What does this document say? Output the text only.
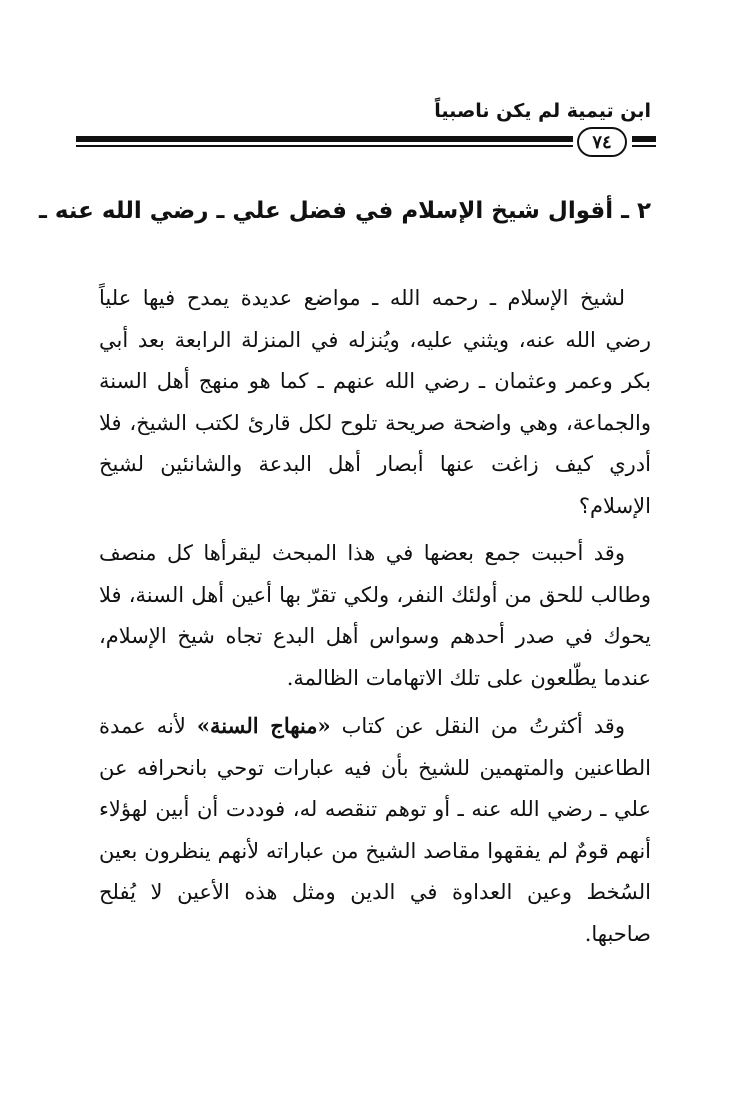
ابن تيمية لم يكن ناصبياً
٧٤
٢ ـ أقوال شيخ الإسلام في فضل علي ـ رضي الله عنه ـ

لشيخ الإسلام ـ رحمه الله ـ مواضع عديدة يمدح فيها علياً رضي الله عنه، ويثني عليه، ويُنزله في المنزلة الرابعة بعد أبي بكر وعمر وعثمان ـ رضي الله عنهم ـ كما هو منهج أهل السنة والجماعة، وهي واضحة صريحة تلوح لكل قارئ لكتب الشيخ، فلا أدري كيف زاغت عنها أبصار أهل البدعة والشانئين لشيخ الإسلام؟

وقد أحببت جمع بعضها في هذا المبحث ليقرأها كل منصف وطالب للحق من أولئك النفر، ولكي تقرّ بها أعين أهل السنة، فلا يحوك في صدر أحدهم وسواس أهل البدع تجاه شيخ الإسلام، عندما يطّلعون على تلك الاتهامات الظالمة.

وقد أكثرتُ من النقل عن كتاب «منهاج السنة» لأنه عمدة الطاعنين والمتهمين للشيخ بأن فيه عبارات توحي بانحرافه عن علي ـ رضي الله عنه ـ أو توهم تنقصه له، فوددت أن أبين لهؤلاء أنهم قومٌ لم يفقهوا مقاصد الشيخ من عباراته لأنهم ينظرون بعين السُخط وعين العداوة في الدين ومثل هذه الأعين لا يُفلح صاحبها.
